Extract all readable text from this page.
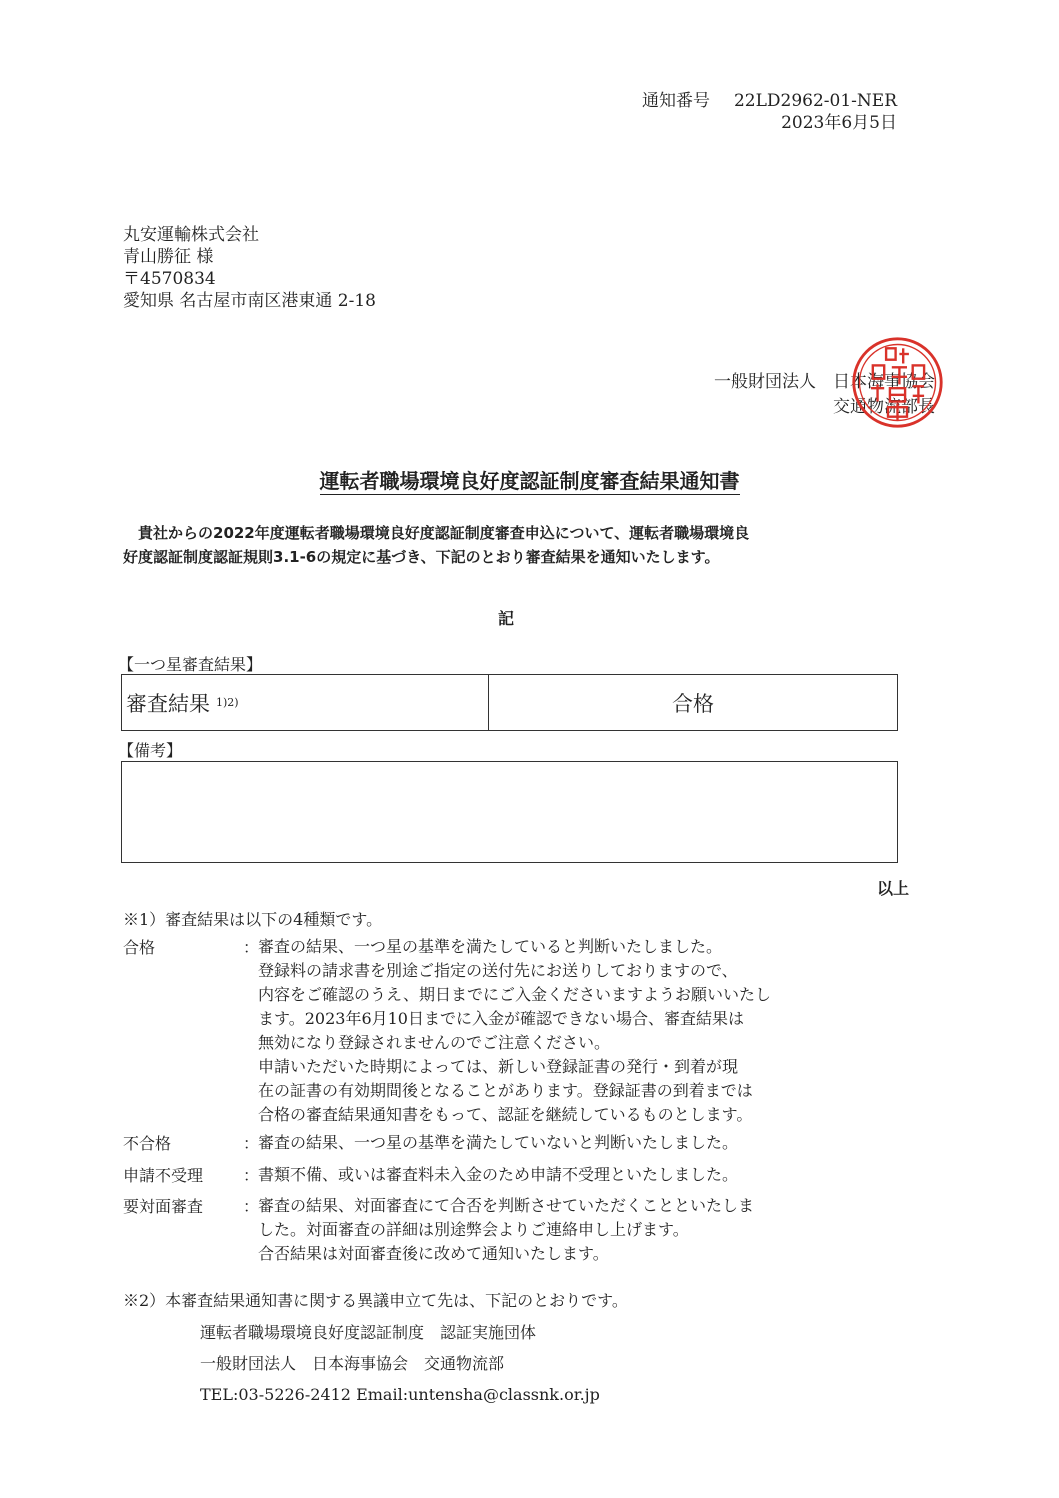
通知番号 22LD2962-01-NER
2023年6月5日
丸安運輸株式会社
青山勝征 様
〒4570834
愛知県 名古屋市南区港東通 2-18
一般財団法人　日本海事協会
交通物流部長
運転者職場環境良好度認証制度審査結果通知書
貴社からの2022年度運転者職場環境良好度認証制度審査申込について、運転者職場環境良
好度認証制度認証規則3.1-6の規定に基づき、下記のとおり審査結果を通知いたします。
記
【一つ星審査結果】
審査結果 1)2)	合格
【備考】
以上
※1）審査結果は以下の4種類です。
合格	：
審査の結果、一つ星の基準を満たしていると判断いたしました。
登録料の請求書を別途ご指定の送付先にお送りしておりますので、
内容をご確認のうえ、期日までにご入金くださいますようお願いいたし
ます。2023年6月10日までに入金が確認できない場合、審査結果は
無効になり登録されませんのでご注意ください。
申請いただいた時期によっては、新しい登録証書の発行・到着が現
在の証書の有効期間後となることがあります。登録証書の到着までは
合格の審査結果通知書をもって、認証を継続しているものとします。
不合格	：
審査の結果、一つ星の基準を満たしていないと判断いたしました。
申請不受理 ：
書類不備、或いは審査料未入金のため申請不受理といたしました。
要対面審査 ：
審査の結果、対面審査にて合否を判断させていただくことといたしま
した。対面審査の詳細は別途弊会よりご連絡申し上げます。
合否結果は対面審査後に改めて通知いたします。
※2）本審査結果通知書に関する異議申立て先は、下記のとおりです。
運転者職場環境良好度認証制度　認証実施団体
一般財団法人　日本海事協会　交通物流部
TEL:03-5226-2412 Email:untensha@classnk.or.jp
